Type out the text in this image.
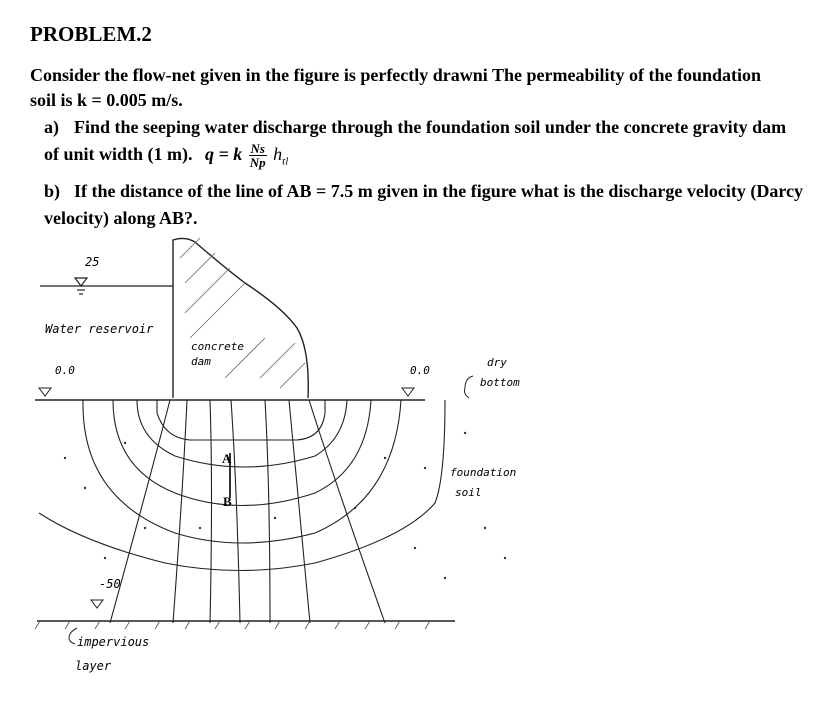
PROBLEM.2
Consider the flow-net given in the figure is perfectly drawni The permeability of the foundation soil is k = 0.005 m/s.
a) Find the seeping water discharge through the foundation soil under the concrete gravity dam of unit width (1 m). q = k $\frac{Ns}{Np} h_{tl}$
b) If the distance of the line of AB = 7.5 m given in the figure what is the discharge velocity (Darcy velocity) along AB?.
25
Water reservoir
concrete
dam
0.0	0.0
dry
bottom
A
B
foundation
soil
-50
impervious
layer
